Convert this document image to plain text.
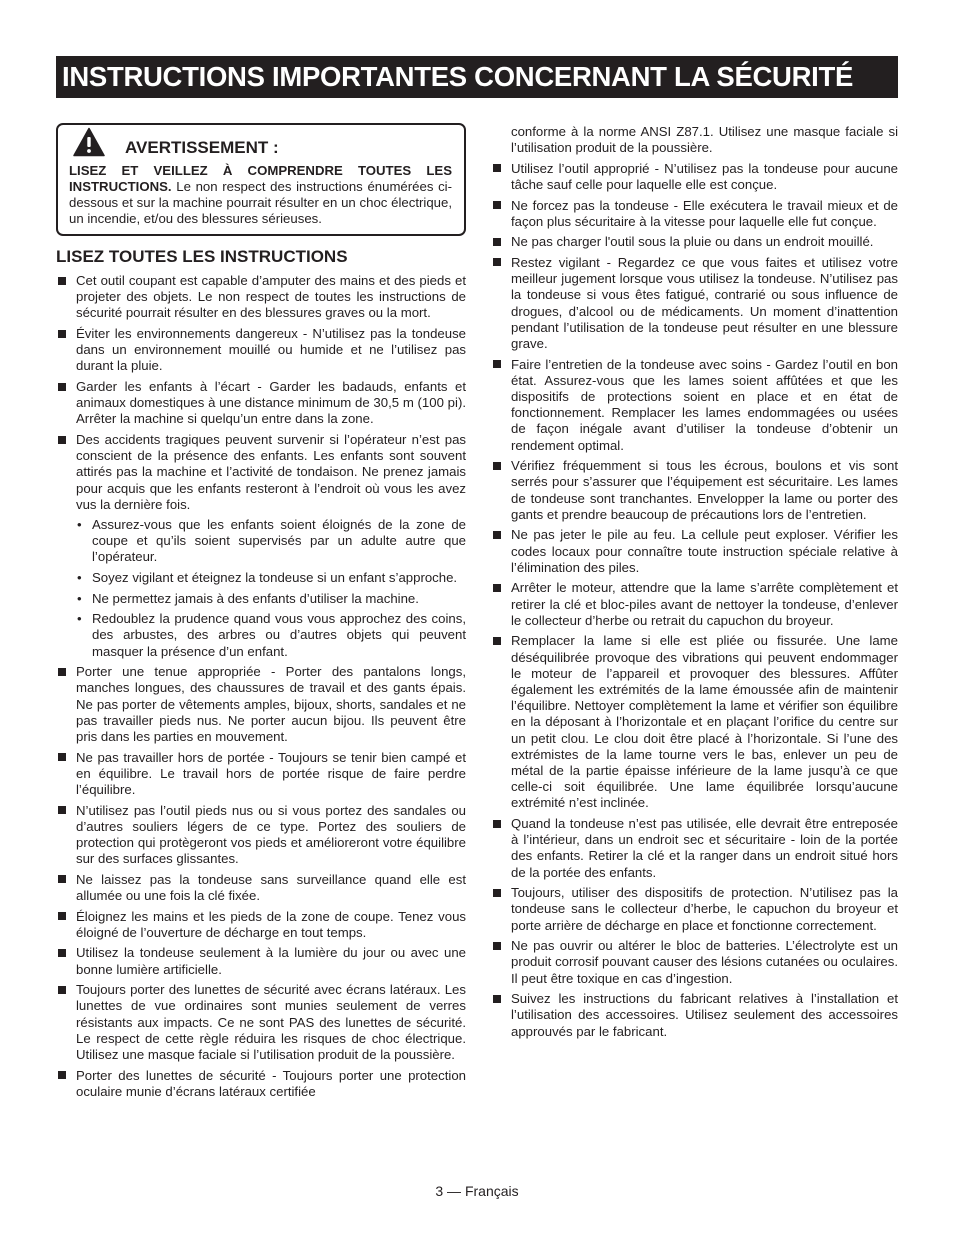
INSTRUCTIONS IMPORTANTES CONCERNANT LA SÉCURITÉ
AVERTISSEMENT :
LISEZ ET VEILLEZ À COMPRENDRE TOUTES LES INSTRUCTIONS. Le non respect des instructions énumérées ci-dessous et sur la machine pourrait résulter en un choc électrique, un incendie, et/ou des blessures sérieuses.
LISEZ TOUTES LES INSTRUCTIONS
Cet outil coupant est capable d’amputer des mains et des pieds et projeter des objets. Le non respect de toutes les instructions de sécurité pourrait résulter en des blessures graves ou la mort.
Éviter les environnements dangereux - N’utilisez pas la tondeuse dans un environnement mouillé ou humide et ne l’utilisez pas durant la pluie.
Garder les enfants à l’écart - Garder les badauds, enfants et animaux domestiques à une distance minimum de 30,5 m (100 pi). Arrêter la machine si quelqu’un entre dans la zone.
Des accidents tragiques peuvent survenir si l’opérateur n’est pas conscient de la présence des enfants. Les enfants sont souvent attirés pas la machine et l’activité de tondaison. Ne prenez jamais pour acquis que les enfants resteront à l’endroit où vous les avez vus la dernière fois.
• Assurez-vous que les enfants soient éloignés de la zone de coupe et qu’ils soient supervisés par un adulte autre que l’opérateur.
• Soyez vigilant et éteignez la tondeuse si un enfant s’approche.
• Ne permettez jamais à des enfants d’utiliser la machine.
• Redoublez la prudence quand vous vous approchez des coins, des arbustes, des arbres ou d’autres objets qui peuvent masquer la présence d’un enfant.
Porter une tenue appropriée - Porter des pantalons longs, manches longues, des chaussures de travail et des gants épais. Ne pas porter de vêtements amples, bijoux, shorts, sandales et ne pas travailler pieds nus. Ne porter aucun bijou. Ils peuvent être pris dans les parties en mouvement.
Ne pas travailler hors de portée - Toujours se tenir bien campé et en équilibre. Le travail hors de portée risque de faire perdre l’équilibre.
N’utilisez pas l’outil pieds nus ou si vous portez des sandales ou d’autres souliers légers de ce type. Portez des souliers de protection qui protègeront vos pieds et amélioreront votre équilibre sur des surfaces glissantes.
Ne laissez pas la tondeuse sans surveillance quand elle est allumée ou une fois la clé fixée.
Éloignez les mains et les pieds de la zone de coupe. Tenez vous éloigné de l’ouverture de décharge en tout temps.
Utilisez la tondeuse seulement à la lumière du jour ou avec une bonne lumière artificielle.
Toujours porter des lunettes de sécurité avec écrans latéraux. Les lunettes de vue ordinaires sont munies seulement de verres résistants aux impacts. Ce ne sont PAS des lunettes de sécurité. Le respect de cette règle réduira les risques de choc électrique. Utilisez une masque faciale si l’utilisation produit de la poussière.
Porter des lunettes de sécurité - Toujours porter une protection oculaire munie d’écrans latéraux certifiée
conforme à la norme ANSI Z87.1. Utilisez une masque faciale si l’utilisation produit de la poussière.
Utilisez l’outil approprié - N’utilisez pas la tondeuse pour aucune tâche sauf celle pour laquelle elle est conçue.
Ne forcez pas la tondeuse - Elle exécutera le travail mieux et de façon plus sécuritaire à la vitesse pour laquelle elle fut conçue.
Ne pas charger l'outil sous la pluie ou dans un endroit mouillé.
Restez vigilant - Regardez ce que vous faites et utilisez votre meilleur jugement lorsque vous utilisez la tondeuse. N’utilisez pas la tondeuse si vous êtes fatigué, contrarié ou sous influence de drogues, d’alcool ou de médicaments. Un moment d’inattention pendant l’utilisation de la tondeuse peut résulter en une blessure grave.
Faire l’entretien de la tondeuse avec soins - Gardez l’outil en bon état. Assurez-vous que les lames soient affûtées et que les dispositifs de protections soient en place et en état de fonctionnement. Remplacer les lames endommagées ou usées de façon inégale avant d’utiliser la tondeuse d’obtenir un rendement optimal.
Vérifiez fréquemment si tous les écrous, boulons et vis sont serrés pour s’assurer que l’équipement est sécuritaire. Les lames de tondeuse sont tranchantes. Envelopper la lame ou porter des gants et prendre beaucoup de précautions lors de l’entretien.
Ne pas jeter le pile au feu. La cellule peut exploser. Vérifier les codes locaux pour connaître toute instruction spéciale relative à l’élimination des piles.
Arrêter le moteur, attendre que la lame s’arrête complètement et retirer la clé et bloc-piles avant de nettoyer la tondeuse, d’enlever le collecteur d’herbe ou retrait du capuchon du broyeur.
Remplacer la lame si elle est pliée ou fissurée. Une lame déséquilibrée provoque des vibrations qui peuvent endommager le moteur de l’appareil et provoquer des blessures. Affûter également les extrémités de la lame émoussée afin de maintenir l’équilibre. Nettoyer complètement la lame et vérifier son équilibre en la déposant à l’horizontale et en plaçant l’orifice du centre sur un petit clou. Le clou doit être placé à l’horizontale. Si l’une des extrémistes de la lame tourne vers le bas, enlever un peu de métal de la partie épaisse inférieure de la lame jusqu’à ce que celle-ci soit équilibrée. Une lame équilibrée lorsqu’aucune extrémité n’est inclinée.
Quand la tondeuse n’est pas utilisée, elle devrait être entreposée à l’intérieur, dans un endroit sec et sécuritaire - loin de la portée des enfants. Retirer la clé et la ranger dans un endroit situé hors de la portée des enfants.
Toujours, utiliser des dispositifs de protection. N’utilisez pas la tondeuse sans le collecteur d’herbe, le capuchon du broyeur et porte arrière de décharge en place et fonctionne correctement.
Ne pas ouvrir ou altérer le bloc de batteries. L’électrolyte est un produit corrosif pouvant causer des lésions cutanées ou oculaires. Il peut être toxique en cas d’ingestion.
Suivez les instructions du fabricant relatives à l’installation et l’utilisation des accessoires. Utilisez seulement des accessoires approuvés par le fabricant.
3 — Français
